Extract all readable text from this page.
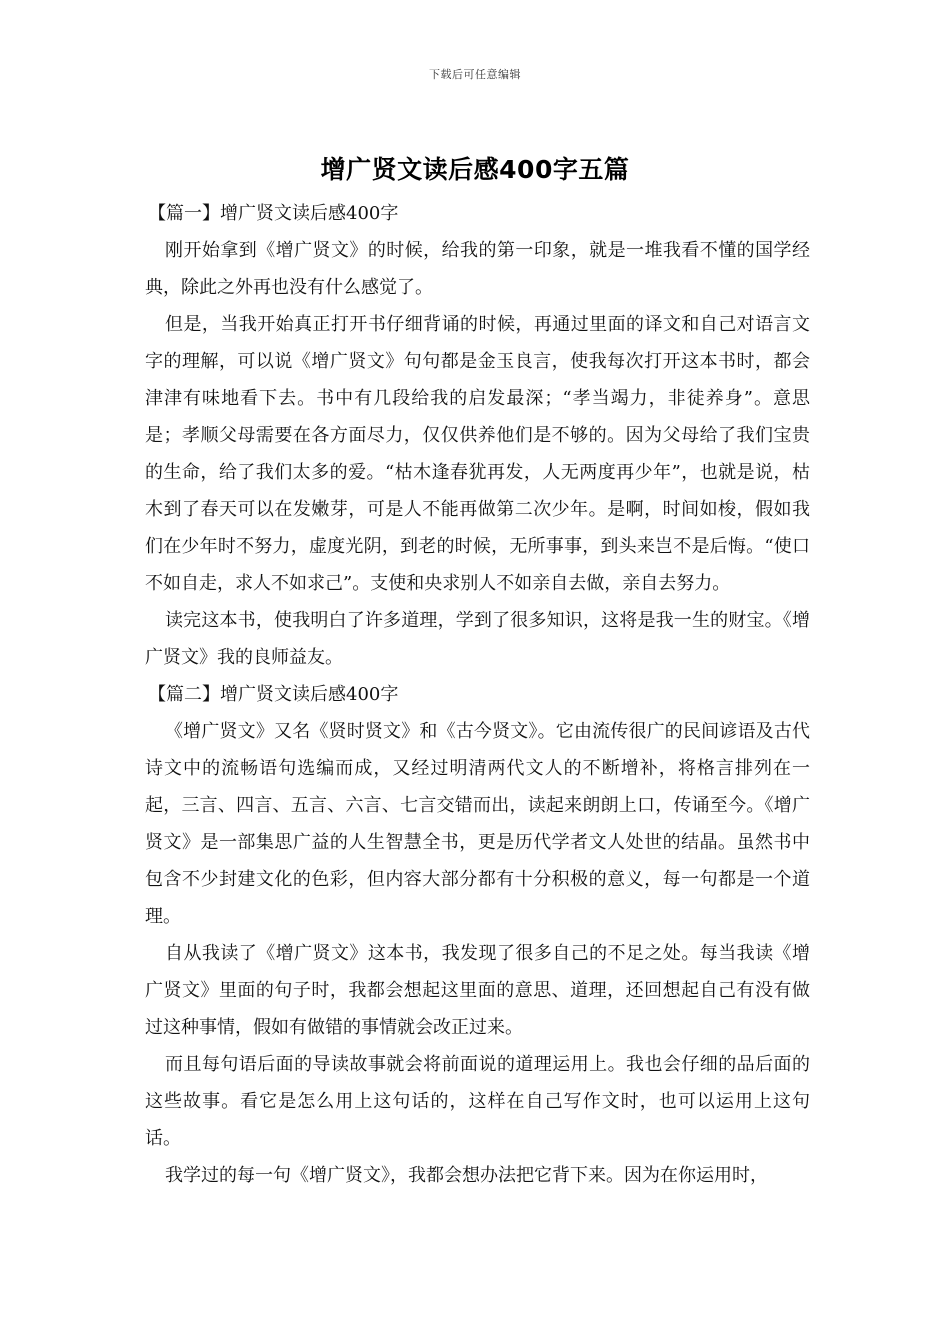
下载后可任意编辑
增广贤文读后感400字五篇

【篇一】增广贤文读后感400字

刚开始拿到《增广贤文》的时候，给我的第一印象，就是一堆我看不懂的国学经典，除此之外再也没有什么感觉了。

但是，当我开始真正打开书仔细背诵的时候，再通过里面的译文和自己对语言文字的理解，可以说《增广贤文》句句都是金玉良言，使我每次打开这本书时，都会津津有味地看下去。书中有几段给我的启发最深；“孝当竭力，非徒养身”。意思是；孝顺父母需要在各方面尽力，仅仅供养他们是不够的。因为父母给了我们宝贵的生命，给了我们太多的爱。“枯木逢春犹再发，人无两度再少年”，也就是说，枯木到了春天可以在发嫩芽，可是人不能再做第二次少年。是啊，时间如梭，假如我们在少年时不努力，虚度光阴，到老的时候，无所事事，到头来岂不是后悔。“使口不如自走，求人不如求己”。支使和央求别人不如亲自去做，亲自去努力。

读完这本书，使我明白了许多道理，学到了很多知识，这将是我一生的财宝。《增广贤文》我的良师益友。

【篇二】增广贤文读后感400字

《增广贤文》又名《贤时贤文》和《古今贤文》。它由流传很广的民间谚语及古代诗文中的流畅语句选编而成，又经过明清两代文人的不断增补，将格言排列在一起，三言、四言、五言、六言、七言交错而出，读起来朗朗上口，传诵至今。《增广贤文》是一部集思广益的人生智慧全书，更是历代学者文人处世的结晶。虽然书中包含不少封建文化的色彩，但内容大部分都有十分积极的意义，每一句都是一个道理。

自从我读了《增广贤文》这本书，我发现了很多自己的不足之处。每当我读《增广贤文》里面的句子时，我都会想起这里面的意思、道理，还回想起自己有没有做过这种事情，假如有做错的事情就会改正过来。

而且每句语后面的导读故事就会将前面说的道理运用上。我也会仔细的品后面的这些故事。看它是怎么用上这句话的，这样在自己写作文时，也可以运用上这句话。

我学过的每一句《增广贤文》，我都会想办法把它背下来。因为在你运用时，
